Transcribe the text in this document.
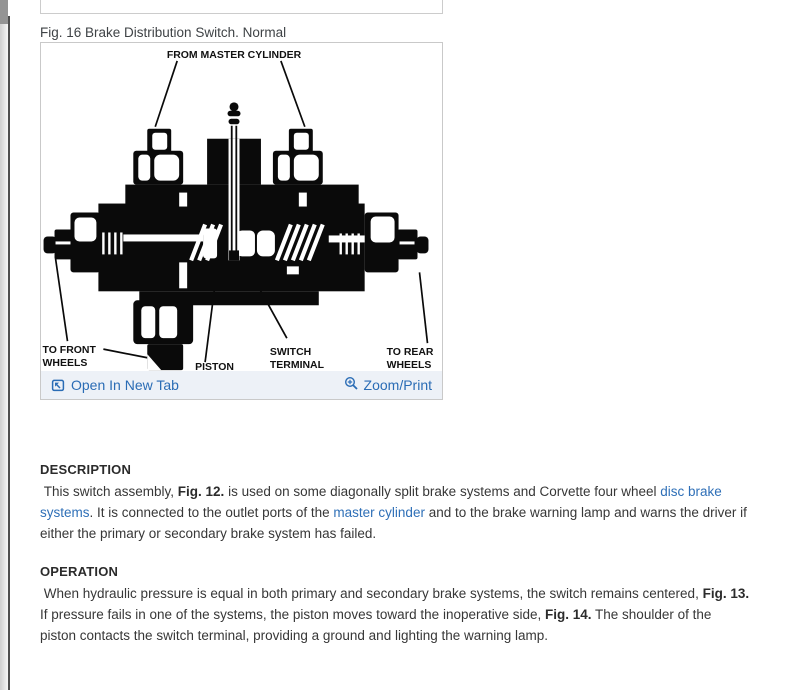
Fig. 16 Brake Distribution Switch. Normal
FROM MASTER CYLINDER
TO FRONT
WHEELS	PISTON
SWITCH
TERMINAL
TO REAR
WHEELS
Open In New Tab	Zoom/Print
DESCRIPTION

This switch assembly, Fig. 12. is used on some diagonally split brake systems and Corvette four wheel disc brake systems. It is connected to the outlet ports of the master cylinder and to the brake warning lamp and warns the driver if either the primary or secondary brake system has failed.

OPERATION

When hydraulic pressure is equal in both primary and secondary brake systems, the switch remains centered, Fig. 13. If pressure fails in one of the systems, the piston moves toward the inoperative side, Fig. 14. The shoulder of the piston contacts the switch terminal, providing a ground and lighting the warning lamp.
